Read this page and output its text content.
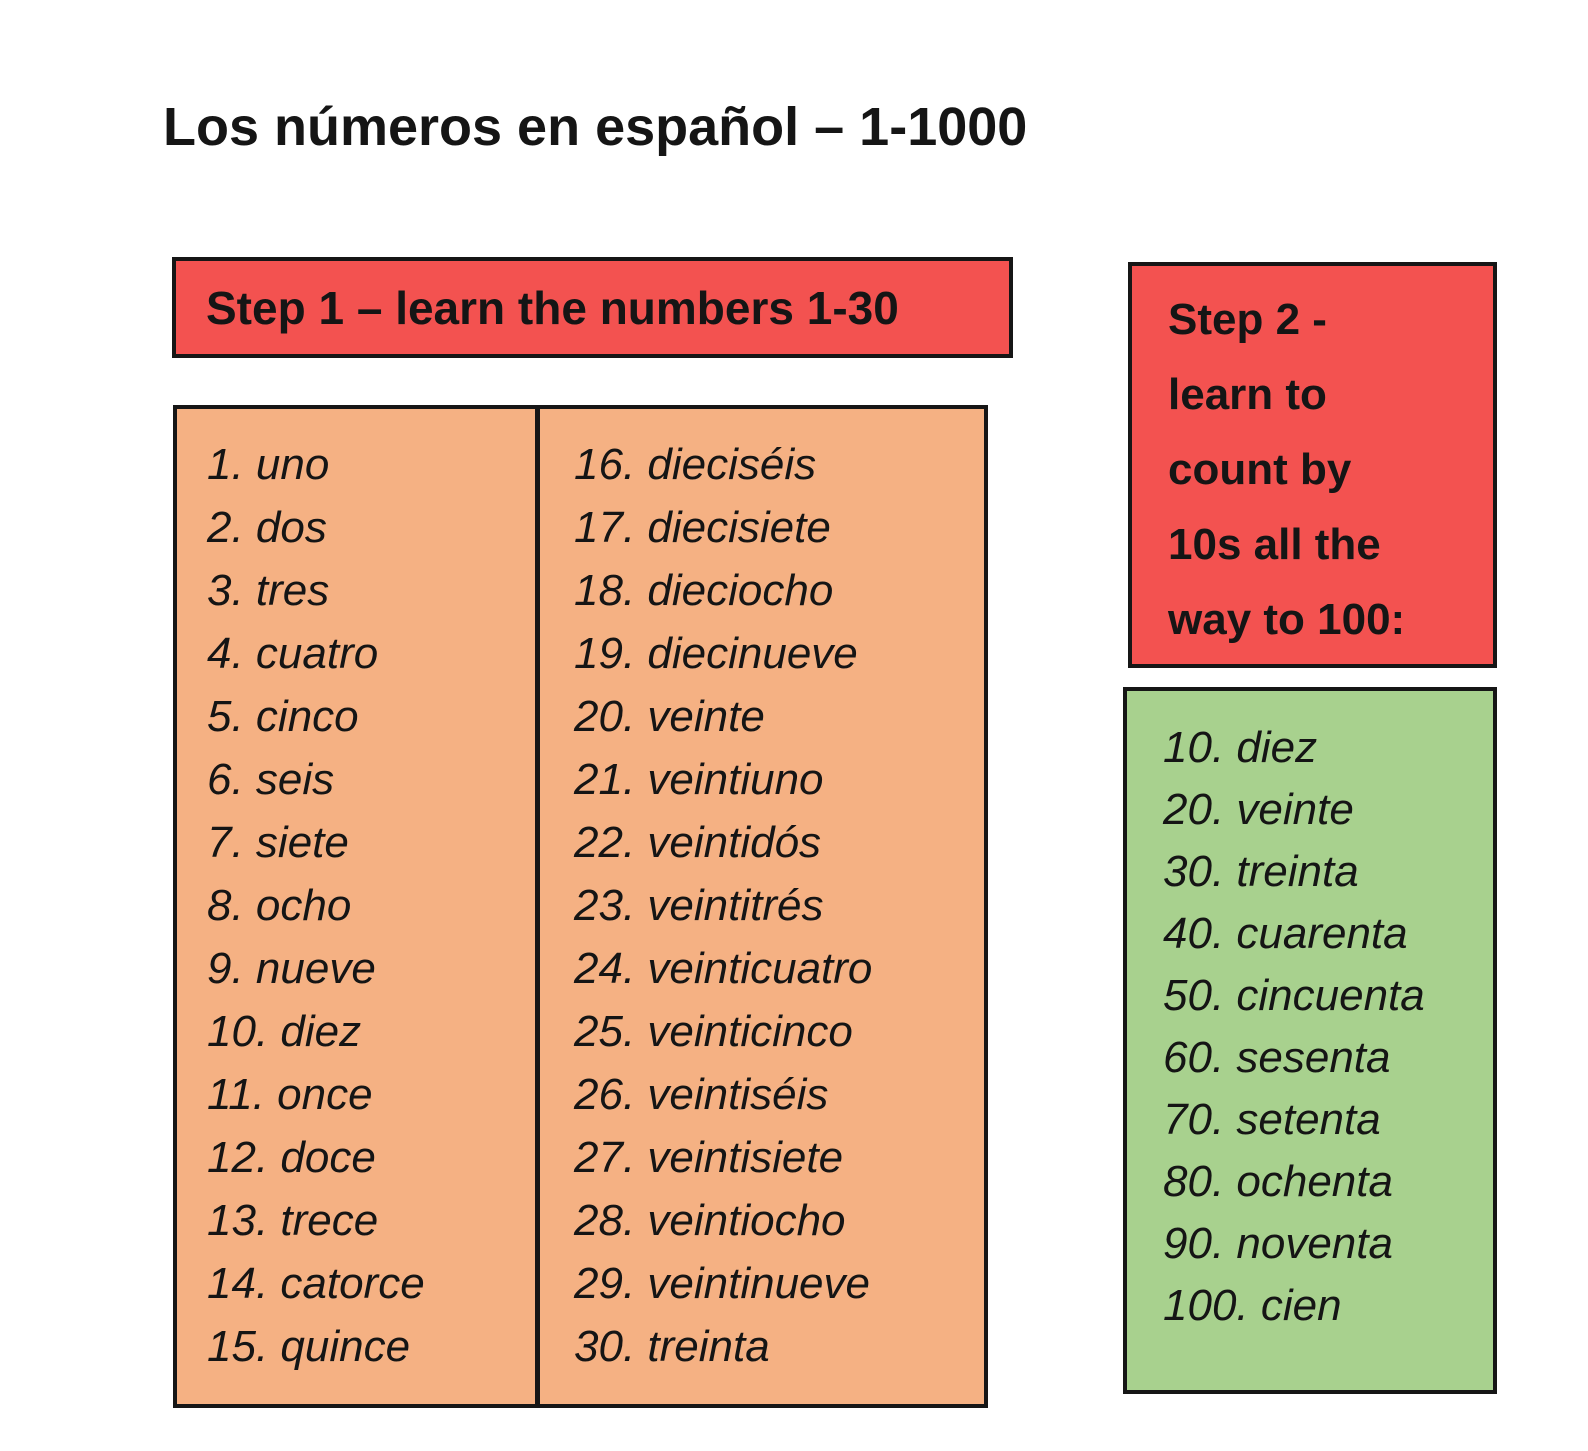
Los números en español – 1-1000
Step 1 – learn the numbers 1-30
1. uno
2. dos
3. tres
4. cuatro
5. cinco
6. seis
7. siete
8. ocho
9. nueve
10. diez
11. once
12. doce
13. trece
14. catorce
15. quince
16. dieciséis
17. diecisiete
18. dieciocho
19. diecinueve
20. veinte
21. veintiuno
22. veintidós
23. veintitrés
24. veinticuatro
25. veinticinco
26. veintiséis
27. veintisiete
28. veintiocho
29. veintinueve
30. treinta
Step 2 -
learn to
count by
10s all the
way to 100:
10. diez
20. veinte
30. treinta
40. cuarenta
50. cincuenta
60. sesenta
70. setenta
80. ochenta
90. noventa
100. cien
